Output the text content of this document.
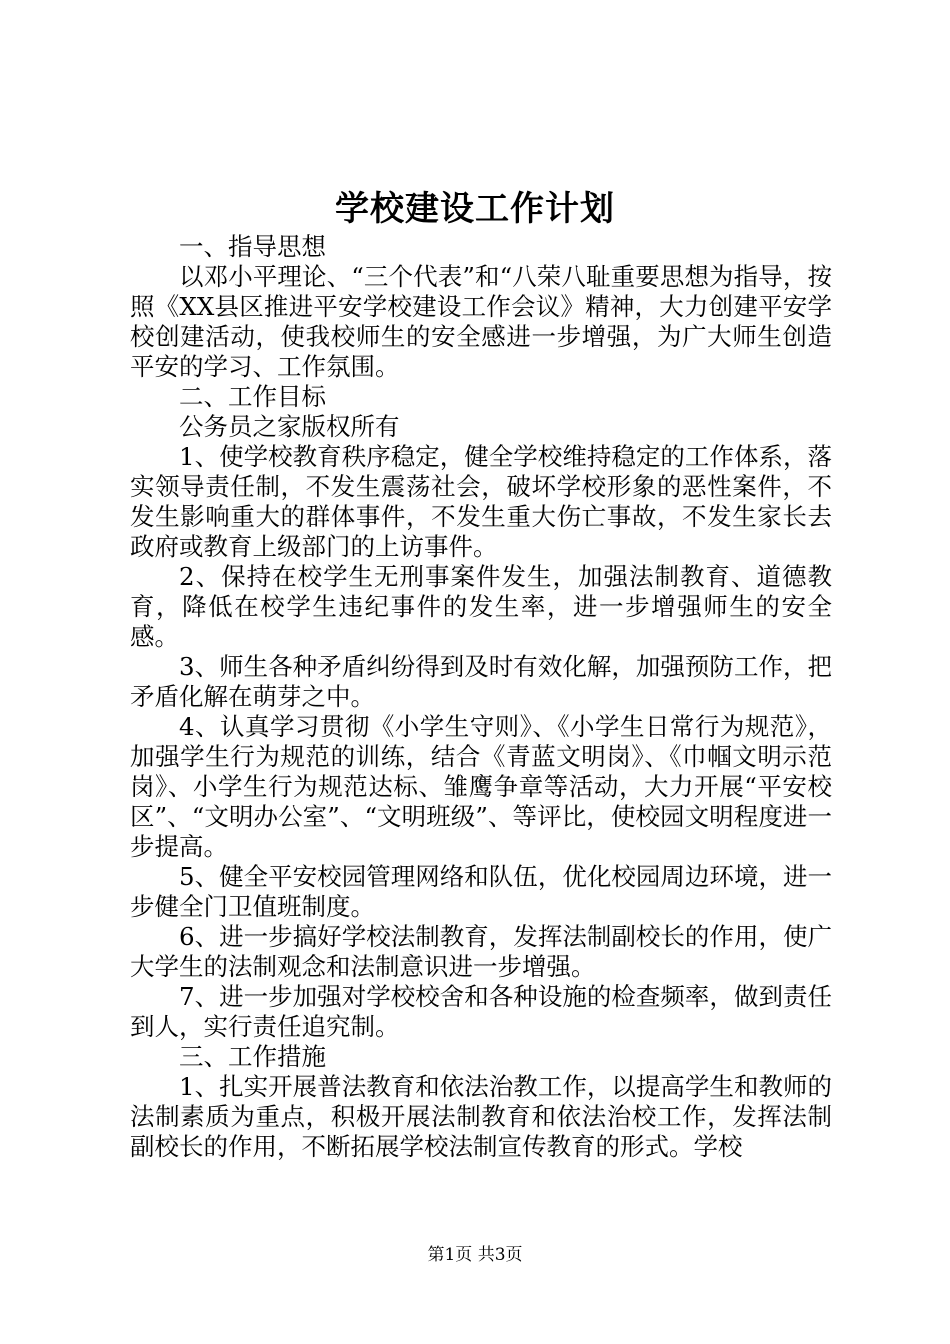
学校建设工作计划

一、指导思想

以邓小平理论、“三个代表”和“八荣八耻重要思想为指导，按照《XX县区推进平安学校建设工作会议》精神，大力创建平安学校创建活动，使我校师生的安全感进一步增强，为广大师生创造平安的学习、工作氛围。

二、工作目标

公务员之家版权所有

1、使学校教育秩序稳定，健全学校维持稳定的工作体系，落实领导责任制，不发生震荡社会，破坏学校形象的恶性案件，不发生影响重大的群体事件，不发生重大伤亡事故，不发生家长去政府或教育上级部门的上访事件。

2、保持在校学生无刑事案件发生，加强法制教育、道德教育，降低在校学生违纪事件的发生率，进一步增强师生的安全感。

3、师生各种矛盾纠纷得到及时有效化解，加强预防工作，把矛盾化解在萌芽之中。

4、认真学习贯彻《小学生守则》、《小学生日常行为规范》，加强学生行为规范的训练，结合《青蓝文明岗》、《巾帼文明示范岗》、小学生行为规范达标、雏鹰争章等活动，大力开展“平安校区”、“文明办公室”、“文明班级”、等评比，使校园文明程度进一步提高。

5、健全平安校园管理网络和队伍，优化校园周边环境，进一步健全门卫值班制度。

6、进一步搞好学校法制教育，发挥法制副校长的作用，使广大学生的法制观念和法制意识进一步增强。

7、进一步加强对学校校舍和各种设施的检查频率，做到责任到人，实行责任追究制。

三、工作措施

1、扎实开展普法教育和依法治教工作，以提高学生和教师的法制素质为重点，积极开展法制教育和依法治校工作，发挥法制副校长的作用，不断拓展学校法制宣传教育的形式。学校

第1页 共3页
